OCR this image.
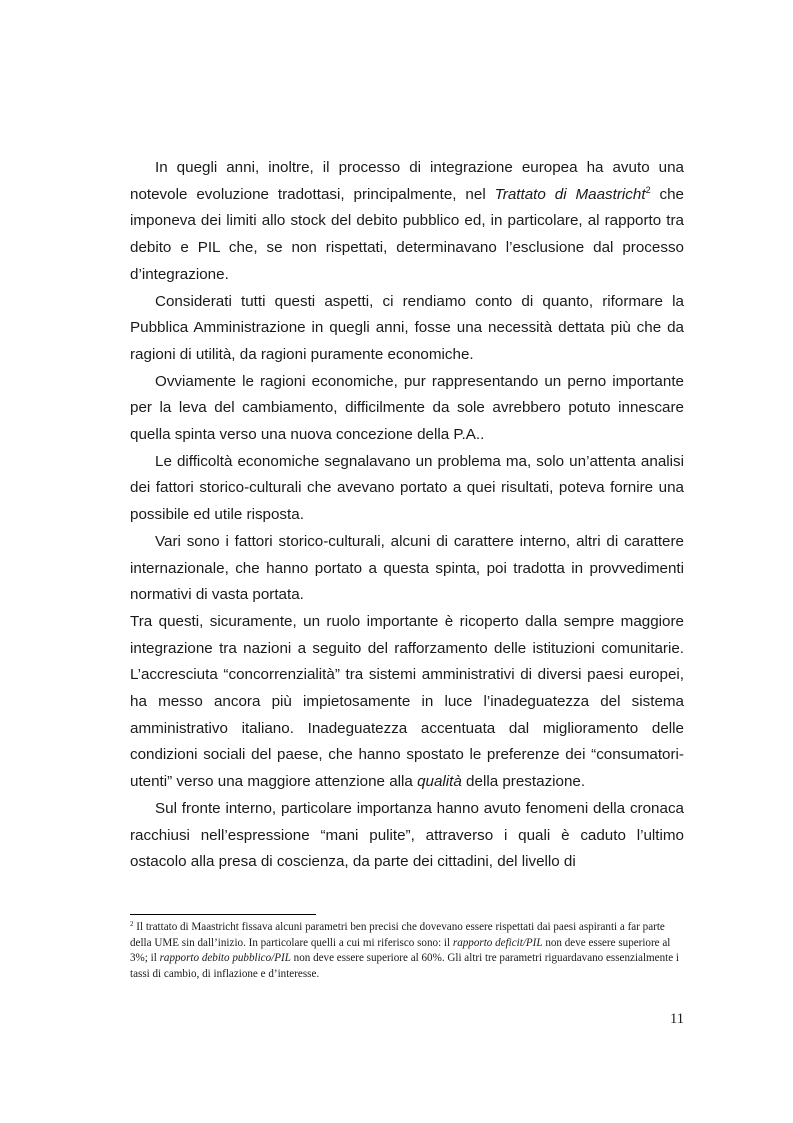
In quegli anni, inoltre, il processo di integrazione europea ha avuto una notevole evoluzione tradottasi, principalmente, nel Trattato di Maastricht$^2$ che imponeva dei limiti allo stock del debito pubblico ed, in particolare, al rapporto tra debito e PIL che, se non rispettati, determinavano l’esclusione dal processo d’integrazione.

Considerati tutti questi aspetti, ci rendiamo conto di quanto, riformare la Pubblica Amministrazione in quegli anni, fosse una necessità dettata più che da ragioni di utilità, da ragioni puramente economiche.

Ovviamente le ragioni economiche, pur rappresentando un perno importante per la leva del cambiamento, difficilmente da sole avrebbero potuto innescare quella spinta verso una nuova concezione della P.A..

Le difficoltà economiche segnalavano un problema ma, solo un’attenta analisi dei fattori storico-culturali che avevano portato a quei risultati, poteva fornire una possibile ed utile risposta.

Vari sono i fattori storico-culturali, alcuni di carattere interno, altri di carattere internazionale, che hanno portato a questa spinta, poi tradotta in provvedimenti normativi di vasta portata.

Tra questi, sicuramente, un ruolo importante è ricoperto dalla sempre maggiore integrazione tra nazioni a seguito del rafforzamento delle istituzioni comunitarie. L’accresciuta “concorrenzialità” tra sistemi amministrativi di diversi paesi europei, ha messo ancora più impietosamente in luce l’inadeguatezza del sistema amministrativo italiano. Inadeguatezza accentuata dal miglioramento delle condizioni sociali del paese, che hanno spostato le preferenze dei “consumatori-utenti” verso una maggiore attenzione alla qualità della prestazione.

Sul fronte interno, particolare importanza hanno avuto fenomeni della cronaca racchiusi nell’espressione “mani pulite”, attraverso i quali è caduto l’ultimo ostacolo alla presa di coscienza, da parte dei cittadini, del livello di

$^2$ Il trattato di Maastricht fissava alcuni parametri ben precisi che dovevano essere rispettati dai paesi aspiranti a far parte della UME sin dall’inizio. In particolare quelli a cui mi riferisco sono: il rapporto deficit/PIL non deve essere superiore al 3%; il rapporto debito pubblico/PIL non deve essere superiore al 60%. Gli altri tre parametri riguardavano essenzialmente i tassi di cambio, di inflazione e d’interesse.
11
